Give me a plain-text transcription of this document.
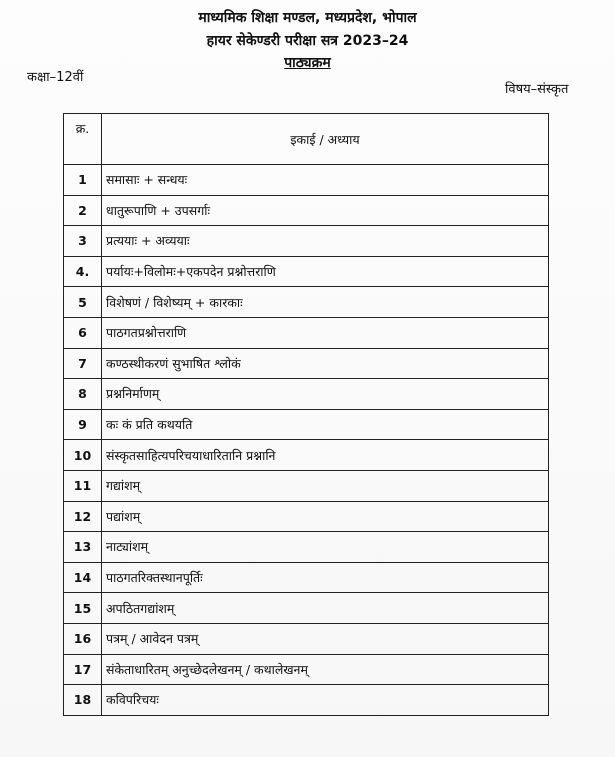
माध्यमिक शिक्षा मण्डल, मध्यप्रदेश, भोपाल
हायर सेकेण्डरी परीक्षा सत्र 2023–24
पाठ्यक्रम
कक्षा–12वीं
विषय–संस्कृत
क्र.	इकाई / अध्याय
1	समासाः + सन्धयः
2	धातुरूपाणि + उपसर्गाः
3	प्रत्ययाः + अव्ययाः
4.	पर्यायः+विलोमः+एकपदेन प्रश्नोत्तराणि
5	विशेषणं / विशेष्यम् + कारकाः
6	पाठगतप्रश्नोत्तराणि
7	कण्ठस्थीकरणं सुभाषित श्लोकं
8	प्रश्ननिर्माणम्
9	कः कं प्रति कथयति
10	संस्कृतसाहित्यपरिचयाधारितानि प्रश्नानि
11	गद्यांशम्
12	पद्यांशम्
13	नाट्यांशम्
14	पाठगतरिक्तस्थानपूर्तिः
15	अपठितगद्यांशम्
16	पत्रम् / आवेदन पत्रम्
17	संकेताधारितम् अनुच्छेदलेखनम् / कथालेखनम्
18	कविपरिचयः
